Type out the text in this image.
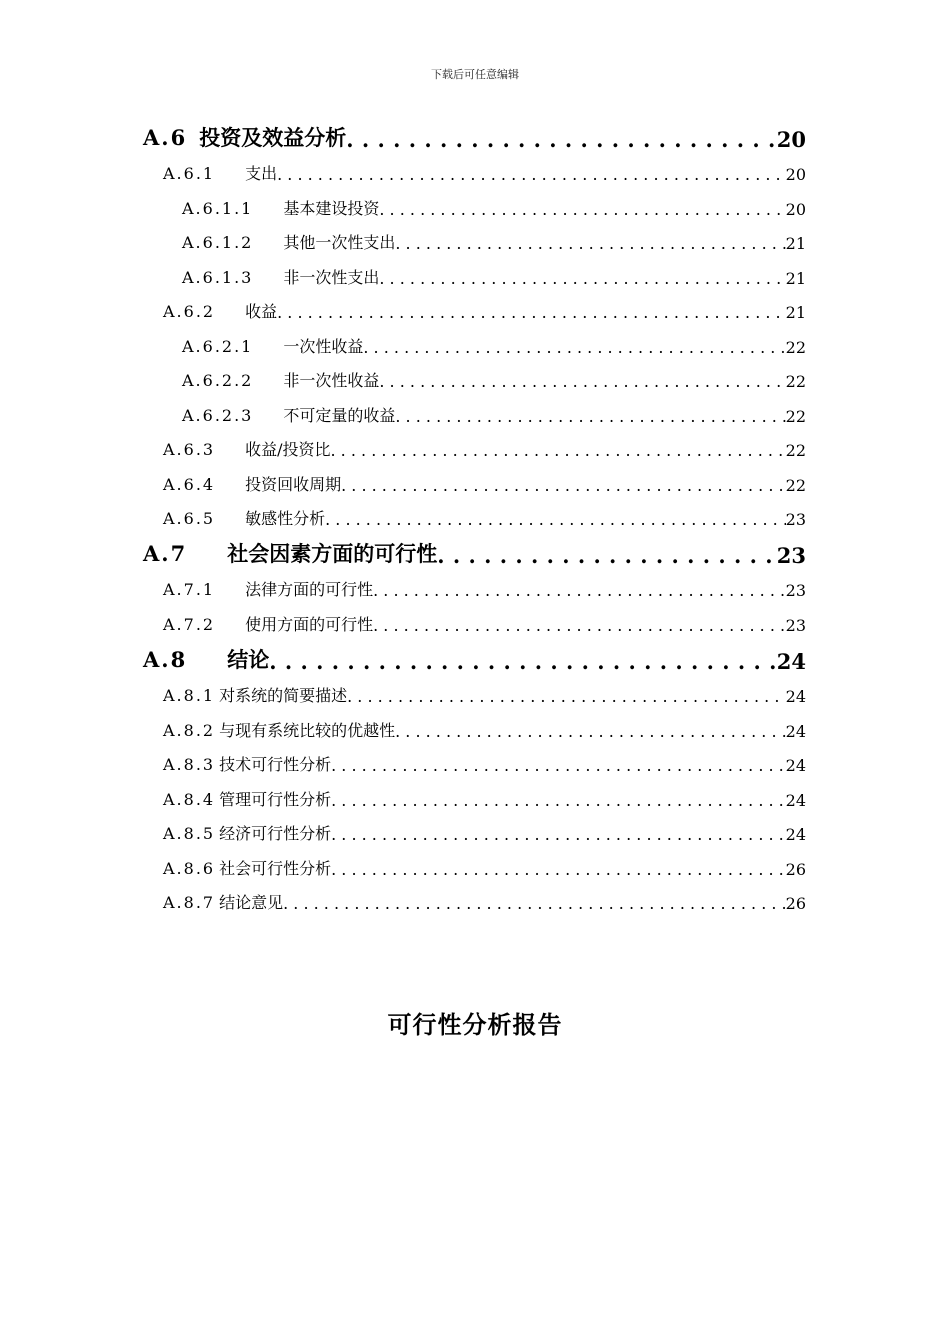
下载后可任意编辑
A.6 投资及效益分析 . . .	20
A.6.1 支出 . . .	20
A.6.1.1 基本建设投资 . . .	20
A.6.1.2 其他一次性支出 . . .	21
A.6.1.3 非一次性支出 . . .	21
A.6.2 收益 . . .	21
A.6.2.1 一次性收益 . . .	22
A.6.2.2 非一次性收益 . . .	22
A.6.2.3 不可定量的收益 . . .	22
A.6.3 收益/投资比 . . .	22
A.6.4 投资回收周期 . . .	22
A.6.5 敏感性分析 . . .	23
A.7 社会因素方面的可行性 . . .	23
A.7.1 法律方面的可行性 . . .	23
A.7.2 使用方面的可行性 . . .	23
A.8 结论 . . .	24
A.8.1 对系统的简要描述 . . .	24
A.8.2 与现有系统比较的优越性 . . .	24
A.8.3 技术可行性分析 . . .	24
A.8.4 管理可行性分析 . . .	24
A.8.5 经济可行性分析 . . .	24
A.8.6 社会可行性分析 . . .	26
A.8.7 结论意见 . . .	26
可行性分析报告
